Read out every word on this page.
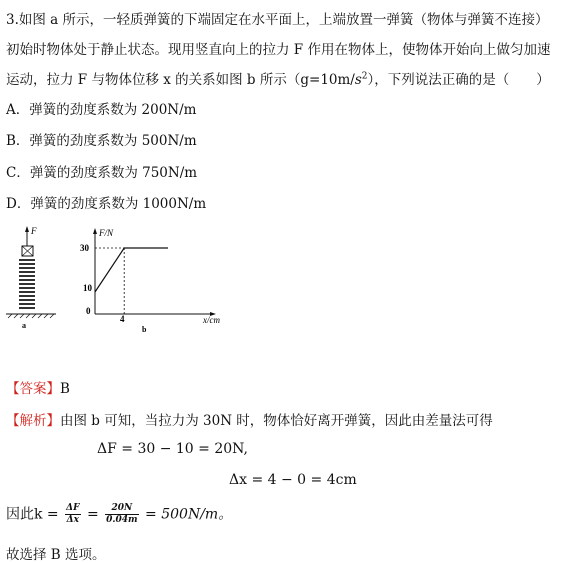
3.如图 a 所示，一轻质弹簧的下端固定在水平面上，上端放置一弹簧（物体与弹簧不连接）
初始时物体处于静止状态。现用竖直向上的拉力 F 作用在物体上，使物体开始向上做匀加速
运动，拉力 F 与物体位移 x 的关系如图 b 所示$(g=10m/s^2)$，下列说法正确的是（　　）
A．弹簧的劲度系数为 200N/m
B．弹簧的劲度系数为 500N/m
C．弹簧的劲度系数为 750N/m
D．弹簧的劲度系数为 1000N/m
F
a
F/N
x/cm
30
10
0
4
b
【答案】B
【解析】由图 b 可知，当拉力为 30N 时，物体恰好离开弹簧，因此由差量法可得
ΔF = 30 − 10 = 20N,
Δx = 4 − 0 = 4cm
因此$k = \frac{\Delta F}{\Delta x} = \frac{20N}{0.04m} = 500N/m$。
故选择 B 选项。
